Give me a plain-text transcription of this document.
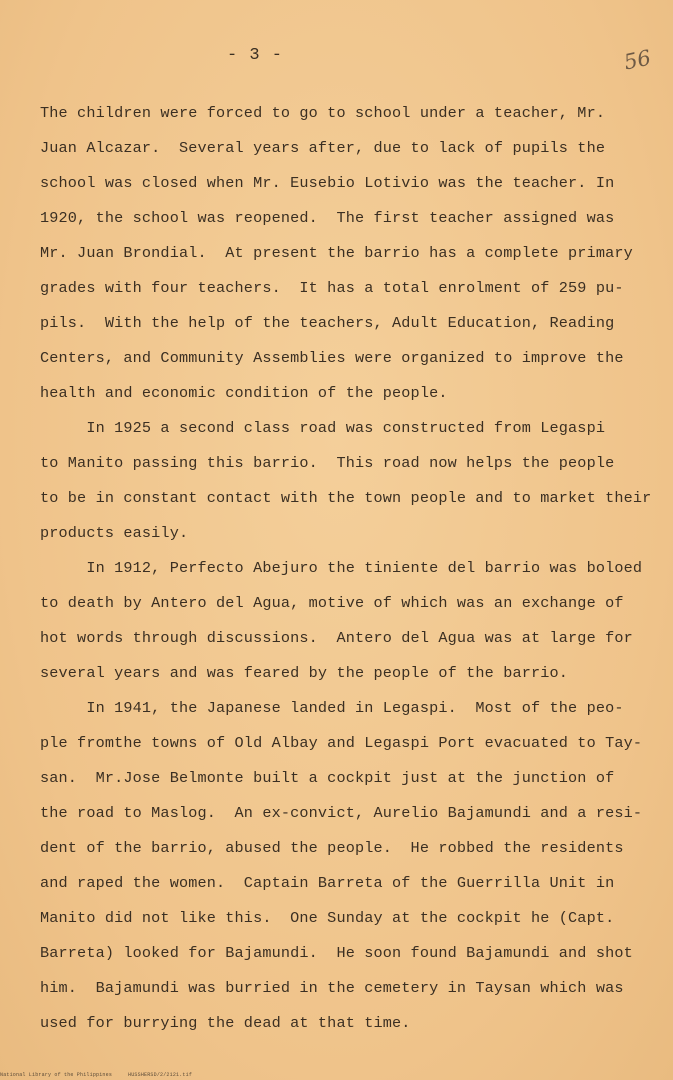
- 3 -	56
The children were forced to go to school under a teacher, Mr.
Juan Alcazar.  Several years after, due to lack of pupils the
school was closed when Mr. Eusebio Lotivio was the teacher. In
1920, the school was reopened.  The first teacher assigned was
Mr. Juan Brondial.  At present the barrio has a complete primary
grades with four teachers.  It has a total enrolment of 259 pu-
pils.  With the help of the teachers, Adult Education, Reading
Centers, and Community Assemblies were organized to improve the
health and economic condition of the people.
In 1925 a second class road was constructed from Legaspi
to Manito passing this barrio.  This road now helps the people
to be in constant contact with the town people and to market their
products easily.
In 1912, Perfecto Abejuro the tiniente del barrio was boloed
to death by Antero del Agua, motive of which was an exchange of
hot words through discussions.  Antero del Agua was at large for
several years and was feared by the people of the barrio.
In 1941, the Japanese landed in Legaspi.  Most of the peo-
ple fromthe towns of Old Albay and Legaspi Port evacuated to Tay-
san.  Mr.Jose Belmonte built a cockpit just at the junction of
the road to Maslog.  An ex-convict, Aurelio Bajamundi and a resi-
dent of the barrio, abused the people.  He robbed the residents
and raped the women.  Captain Barreta of the Guerrilla Unit in
Manito did not like this.  One Sunday at the cockpit he (Capt.
Barreta) looked for Bajamundi.  He soon found Bajamundi and shot
him.  Bajamundi was burried in the cemetery in Taysan which was
used for burrying the dead at that time.
National Library of the Philippines     HUSSHERSD/2/2121.tif
